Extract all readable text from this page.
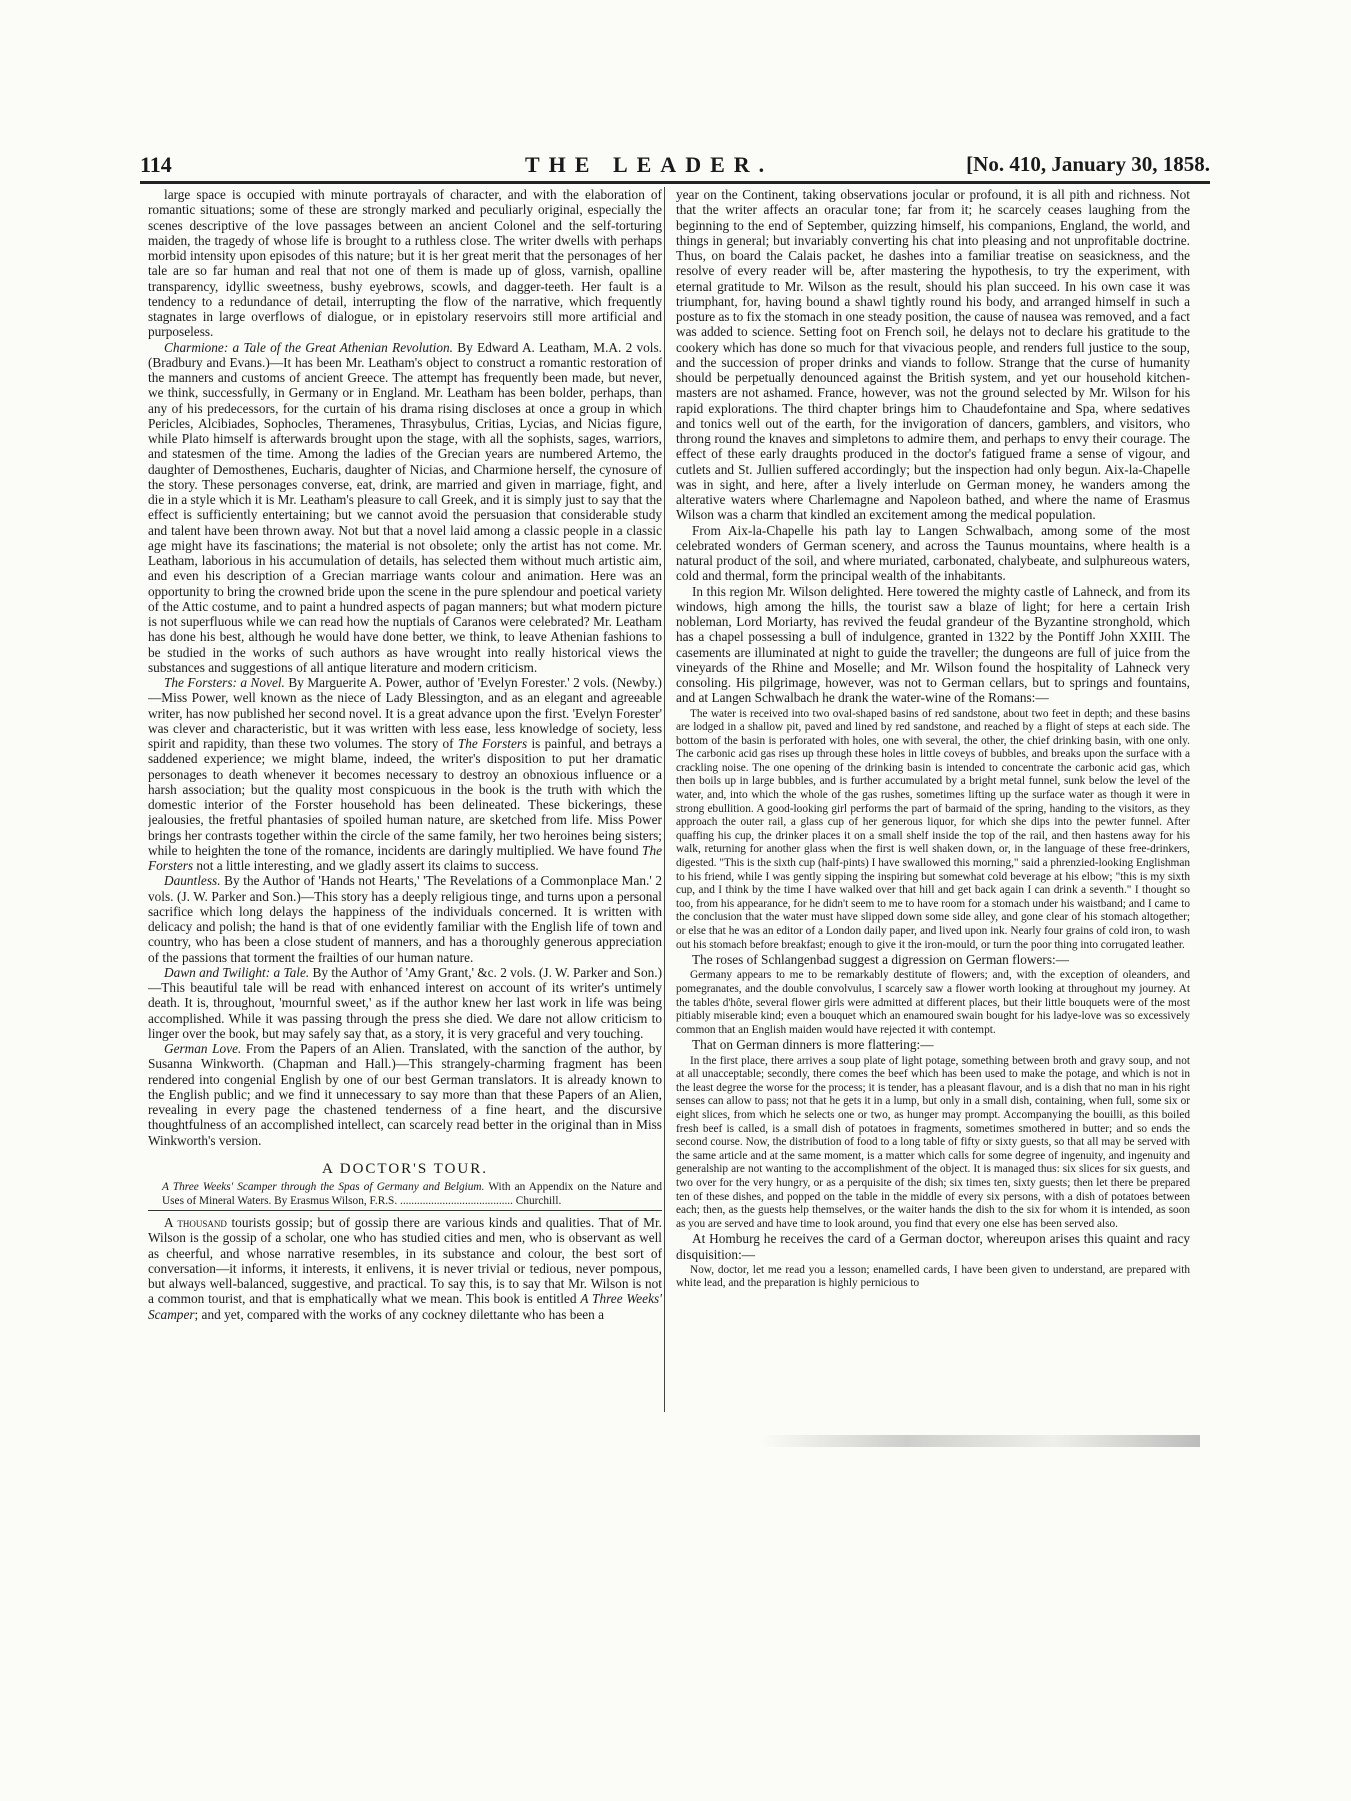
114	THE LEADER.	[No. 410, January 30, 1858.

large space is occupied with minute portrayals of character, and with the elaboration of romantic situations; some of these are strongly marked and peculiarly original, especially the scenes descriptive of the love passages between an ancient Colonel and the self-torturing maiden, the tragedy of whose life is brought to a ruthless close. The writer dwells with perhaps morbid intensity upon episodes of this nature; but it is her great merit that the personages of her tale are so far human and real that not one of them is made up of gloss, varnish, opalline transparency, idyllic sweetness, bushy eyebrows, scowls, and dagger-teeth. Her fault is a tendency to a redundance of detail, interrupting the flow of the narrative, which frequently stagnates in large overflows of dialogue, or in epistolary reservoirs still more artificial and purposeless.

Charmione: a Tale of the Great Athenian Revolution. By Edward A. Leatham, M.A. 2 vols. (Bradbury and Evans.)—It has been Mr. Leatham's object to construct a romantic restoration of the manners and customs of ancient Greece. The attempt has frequently been made, but never, we think, successfully, in Germany or in England. Mr. Leatham has been bolder, perhaps, than any of his predecessors, for the curtain of his drama rising discloses at once a group in which Pericles, Alcibiades, Sophocles, Theramenes, Thrasybulus, Critias, Lycias, and Nicias figure, while Plato himself is afterwards brought upon the stage, with all the sophists, sages, warriors, and statesmen of the time. Among the ladies of the Grecian years are numbered Artemo, the daughter of Demosthenes, Eucharis, daughter of Nicias, and Charmione herself, the cynosure of the story. These personages converse, eat, drink, are married and given in marriage, fight, and die in a style which it is Mr. Leatham's pleasure to call Greek, and it is simply just to say that the effect is sufficiently entertaining; but we cannot avoid the persuasion that considerable study and talent have been thrown away. Not but that a novel laid among a classic people in a classic age might have its fascinations; the material is not obsolete; only the artist has not come. Mr. Leatham, laborious in his accumulation of details, has selected them without much artistic aim, and even his description of a Grecian marriage wants colour and animation. Here was an opportunity to bring the crowned bride upon the scene in the pure splendour and poetical variety of the Attic costume, and to paint a hundred aspects of pagan manners; but what modern picture is not superfluous while we can read how the nuptials of Caranos were celebrated? Mr. Leatham has done his best, although he would have done better, we think, to leave Athenian fashions to be studied in the works of such authors as have wrought into really historical views the substances and suggestions of all antique literature and modern criticism.

The Forsters: a Novel. By Marguerite A. Power, author of 'Evelyn Forester.' 2 vols. (Newby.)—Miss Power, well known as the niece of Lady Blessington, and as an elegant and agreeable writer, has now published her second novel. It is a great advance upon the first. 'Evelyn Forester' was clever and characteristic, but it was written with less ease, less knowledge of society, less spirit and rapidity, than these two volumes. The story of The Forsters is painful, and betrays a saddened experience; we might blame, indeed, the writer's disposition to put her dramatic personages to death whenever it becomes necessary to destroy an obnoxious influence or a harsh association; but the quality most conspicuous in the book is the truth with which the domestic interior of the Forster household has been delineated. These bickerings, these jealousies, the fretful phantasies of spoiled human nature, are sketched from life. Miss Power brings her contrasts together within the circle of the same family, her two heroines being sisters; while to heighten the tone of the romance, incidents are daringly multiplied. We have found The Forsters not a little interesting, and we gladly assert its claims to success.

Dauntless. By the Author of 'Hands not Hearts,' 'The Revelations of a Commonplace Man.' 2 vols. (J. W. Parker and Son.)—This story has a deeply religious tinge, and turns upon a personal sacrifice which long delays the happiness of the individuals concerned. It is written with delicacy and polish; the hand is that of one evidently familiar with the English life of town and country, who has been a close student of manners, and has a thoroughly generous appreciation of the passions that torment the frailties of our human nature.

Dawn and Twilight: a Tale. By the Author of 'Amy Grant,' &c. 2 vols. (J. W. Parker and Son.)—This beautiful tale will be read with enhanced interest on account of its writer's untimely death. It is, throughout, 'mournful sweet,' as if the author knew her last work in life was being accomplished. While it was passing through the press she died. We dare not allow criticism to linger over the book, but may safely say that, as a story, it is very graceful and very touching.

German Love. From the Papers of an Alien. Translated, with the sanction of the author, by Susanna Winkworth. (Chapman and Hall.)—This strangely-charming fragment has been rendered into congenial English by one of our best German translators. It is already known to the English public; and we find it unnecessary to say more than that these Papers of an Alien, revealing in every page the chastened tenderness of a fine heart, and the discursive thoughtfulness of an accomplished intellect, can scarcely read better in the original than in Miss Winkworth's version.

A DOCTOR'S TOUR.

A Three Weeks' Scamper through the Spas of Germany and Belgium. With an Appendix on the Nature and Uses of Mineral Waters. By Erasmus Wilson, F.R.S. ........................................ Churchill.

A thousand tourists gossip; but of gossip there are various kinds and qualities. That of Mr. Wilson is the gossip of a scholar, one who has studied cities and men, who is observant as well as cheerful, and whose narrative resembles, in its substance and colour, the best sort of conversation—it informs, it interests, it enlivens, it is never trivial or tedious, never pompous, but always well-balanced, suggestive, and practical. To say this, is to say that Mr. Wilson is not a common tourist, and that is emphatically what we mean. This book is entitled A Three Weeks' Scamper; and yet, compared with the works of any cockney dilettante who has been a

year on the Continent, taking observations jocular or profound, it is all pith and richness. Not that the writer affects an oracular tone; far from it; he scarcely ceases laughing from the beginning to the end of September, quizzing himself, his companions, England, the world, and things in general; but invariably converting his chat into pleasing and not unprofitable doctrine. Thus, on board the Calais packet, he dashes into a familiar treatise on seasickness, and the resolve of every reader will be, after mastering the hypothesis, to try the experiment, with eternal gratitude to Mr. Wilson as the result, should his plan succeed. In his own case it was triumphant, for, having bound a shawl tightly round his body, and arranged himself in such a posture as to fix the stomach in one steady position, the cause of nausea was removed, and a fact was added to science. Setting foot on French soil, he delays not to declare his gratitude to the cookery which has done so much for that vivacious people, and renders full justice to the soup, and the succession of proper drinks and viands to follow. Strange that the curse of humanity should be perpetually denounced against the British system, and yet our household kitchen-masters are not ashamed. France, however, was not the ground selected by Mr. Wilson for his rapid explorations. The third chapter brings him to Chaudefontaine and Spa, where sedatives and tonics well out of the earth, for the invigoration of dancers, gamblers, and visitors, who throng round the knaves and simpletons to admire them, and perhaps to envy their courage. The effect of these early draughts produced in the doctor's fatigued frame a sense of vigour, and cutlets and St. Jullien suffered accordingly; but the inspection had only begun. Aix-la-Chapelle was in sight, and here, after a lively interlude on German money, he wanders among the alterative waters where Charlemagne and Napoleon bathed, and where the name of Erasmus Wilson was a charm that kindled an excitement among the medical population.

From Aix-la-Chapelle his path lay to Langen Schwalbach, among some of the most celebrated wonders of German scenery, and across the Taunus mountains, where health is a natural product of the soil, and where muriated, carbonated, chalybeate, and sulphureous waters, cold and thermal, form the principal wealth of the inhabitants.

In this region Mr. Wilson delighted. Here towered the mighty castle of Lahneck, and from its windows, high among the hills, the tourist saw a blaze of light; for here a certain Irish nobleman, Lord Moriarty, has revived the feudal grandeur of the Byzantine stronghold, which has a chapel possessing a bull of indulgence, granted in 1322 by the Pontiff John XXIII. The casements are illuminated at night to guide the traveller; the dungeons are full of juice from the vineyards of the Rhine and Moselle; and Mr. Wilson found the hospitality of Lahneck very consoling. His pilgrimage, however, was not to German cellars, but to springs and fountains, and at Langen Schwalbach he drank the water-wine of the Romans:—

The water is received into two oval-shaped basins of red sandstone, about two feet in depth; and these basins are lodged in a shallow pit, paved and lined by red sandstone, and reached by a flight of steps at each side. The bottom of the basin is perforated with holes, one with several, the other, the chief drinking basin, with one only. The carbonic acid gas rises up through these holes in little coveys of bubbles, and breaks upon the surface with a crackling noise. The one opening of the drinking basin is intended to concentrate the carbonic acid gas, which then boils up in large bubbles, and is further accumulated by a bright metal funnel, sunk below the level of the water, and, into which the whole of the gas rushes, sometimes lifting up the surface water as though it were in strong ebullition. A good-looking girl performs the part of barmaid of the spring, handing to the visitors, as they approach the outer rail, a glass cup of her generous liquor, for which she dips into the pewter funnel. After quaffing his cup, the drinker places it on a small shelf inside the top of the rail, and then hastens away for his walk, returning for another glass when the first is well shaken down, or, in the language of these free-drinkers, digested. "This is the sixth cup (half-pints) I have swallowed this morning," said a phrenzied-looking Englishman to his friend, while I was gently sipping the inspiring but somewhat cold beverage at his elbow; "this is my sixth cup, and I think by the time I have walked over that hill and get back again I can drink a seventh." I thought so too, from his appearance, for he didn't seem to me to have room for a stomach under his waistband; and I came to the conclusion that the water must have slipped down some side alley, and gone clear of his stomach altogether; or else that he was an editor of a London daily paper, and lived upon ink. Nearly four grains of cold iron, to wash out his stomach before breakfast; enough to give it the iron-mould, or turn the poor thing into corrugated leather.

The roses of Schlangenbad suggest a digression on German flowers:—

Germany appears to me to be remarkably destitute of flowers; and, with the exception of oleanders, and pomegranates, and the double convolvulus, I scarcely saw a flower worth looking at throughout my journey. At the tables d'hôte, several flower girls were admitted at different places, but their little bouquets were of the most pitiably miserable kind; even a bouquet which an enamoured swain bought for his ladye-love was so excessively common that an English maiden would have rejected it with contempt.

That on German dinners is more flattering:—

In the first place, there arrives a soup plate of light potage, something between broth and gravy soup, and not at all unacceptable; secondly, there comes the beef which has been used to make the potage, and which is not in the least degree the worse for the process; it is tender, has a pleasant flavour, and is a dish that no man in his right senses can allow to pass; not that he gets it in a lump, but only in a small dish, containing, when full, some six or eight slices, from which he selects one or two, as hunger may prompt. Accompanying the bouilli, as this boiled fresh beef is called, is a small dish of potatoes in fragments, sometimes smothered in butter; and so ends the second course. Now, the distribution of food to a long table of fifty or sixty guests, so that all may be served with the same article and at the same moment, is a matter which calls for some degree of ingenuity, and ingenuity and generalship are not wanting to the accomplishment of the object. It is managed thus: six slices for six guests, and two over for the very hungry, or as a perquisite of the dish; six times ten, sixty guests; then let there be prepared ten of these dishes, and popped on the table in the middle of every six persons, with a dish of potatoes between each; then, as the guests help themselves, or the waiter hands the dish to the six for whom it is intended, as soon as you are served and have time to look around, you find that every one else has been served also.

At Homburg he receives the card of a German doctor, whereupon arises this quaint and racy disquisition:—

Now, doctor, let me read you a lesson; enamelled cards, I have been given to understand, are prepared with white lead, and the preparation is highly pernicious to
